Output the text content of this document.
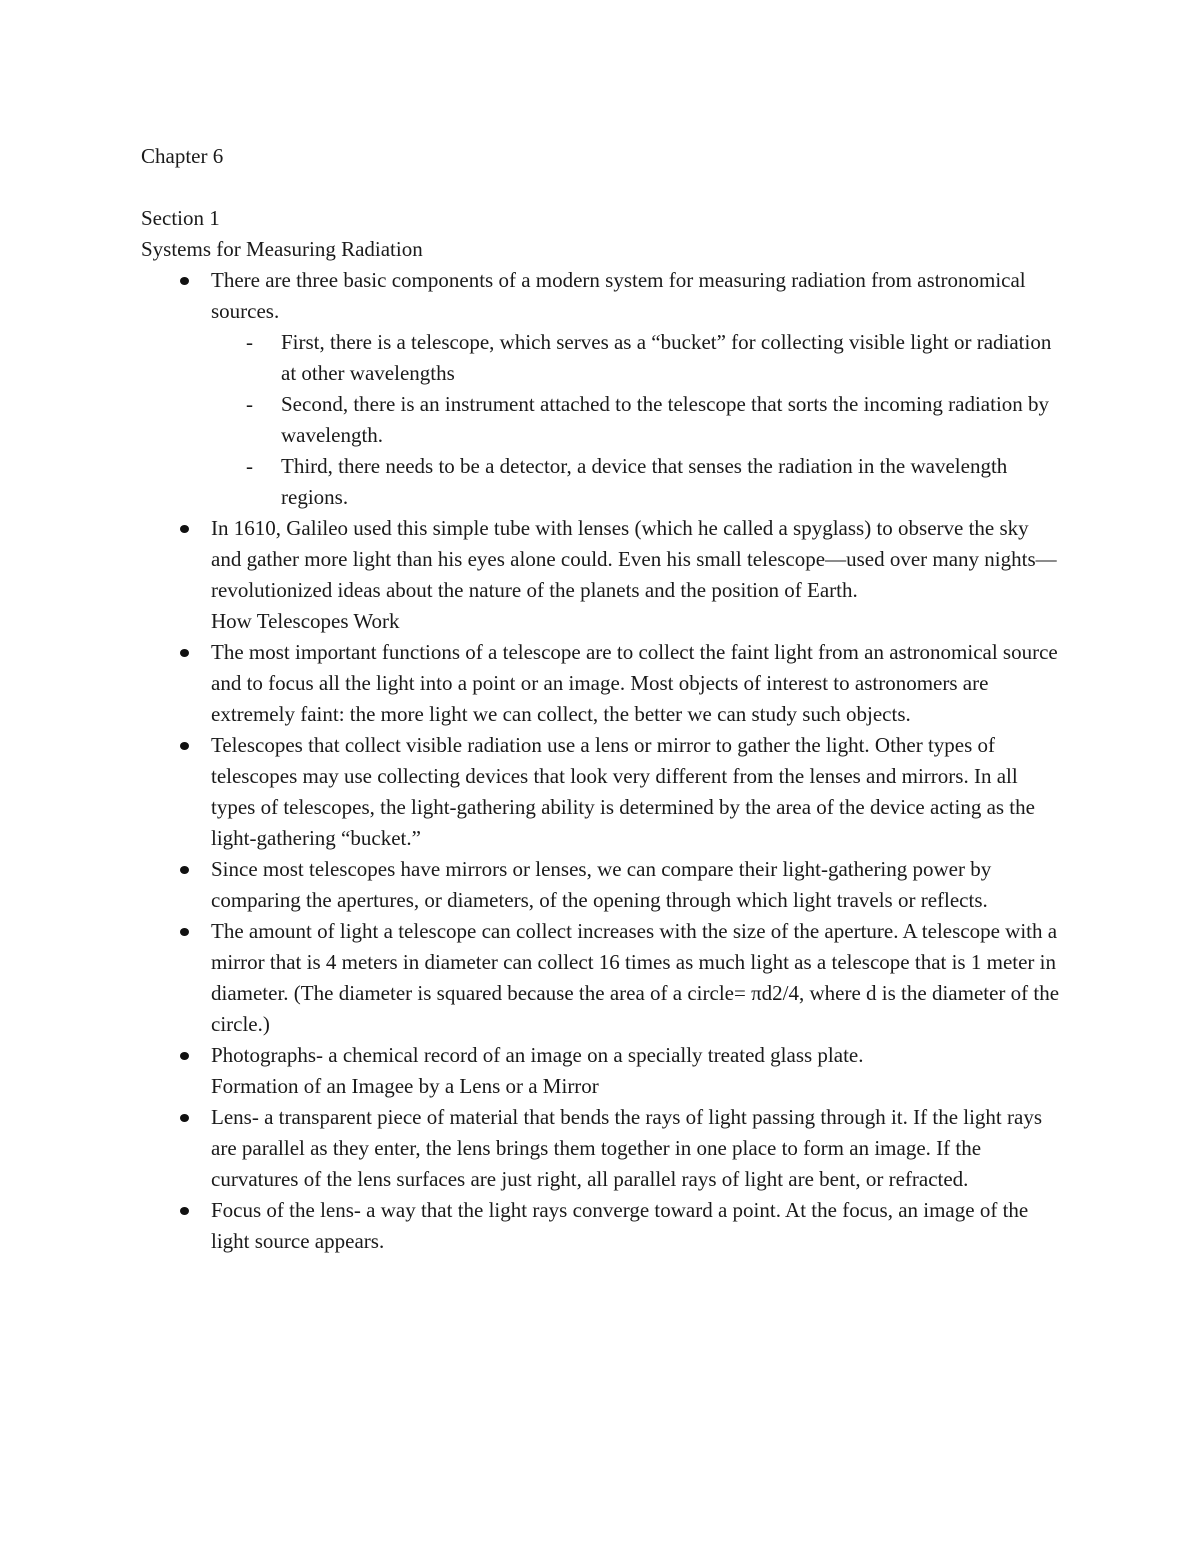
Chapter 6

Section 1

Systems for Measuring Radiation

There are three basic components of a modern system for measuring radiation from astronomical sources.

- First, there is a telescope, which serves as a “bucket” for collecting visible light or radiation at other wavelengths
- Second, there is an instrument attached to the telescope that sorts the incoming radiation by wavelength.
- Third, there needs to be a detector, a device that senses the radiation in the wavelength regions.

In 1610, Galileo used this simple tube with lenses (which he called a spyglass) to observe the sky and gather more light than his eyes alone could. Even his small telescope—used over many nights—revolutionized ideas about the nature of the planets and the position of Earth.

How Telescopes Work

The most important functions of a telescope are to collect the faint light from an astronomical source and to focus all the light into a point or an image. Most objects of interest to astronomers are extremely faint: the more light we can collect, the better we can study such objects.
Telescopes that collect visible radiation use a lens or mirror to gather the light. Other types of telescopes may use collecting devices that look very different from the lenses and mirrors. In all types of telescopes, the light-gathering ability is determined by the area of the device acting as the light-gathering “bucket.”
Since most telescopes have mirrors or lenses, we can compare their light-gathering power by comparing the apertures, or diameters, of the opening through which light travels or reflects.
The amount of light a telescope can collect increases with the size of the aperture. A telescope with a mirror that is 4 meters in diameter can collect 16 times as much light as a telescope that is 1 meter in diameter. (The diameter is squared because the area of a circle= πd2/4, where d is the diameter of the circle.)
Photographs- a chemical record of an image on a specially treated glass plate.

Formation of an Imagee by a Lens or a Mirror

Lens- a transparent piece of material that bends the rays of light passing through it. If the light rays are parallel as they enter, the lens brings them together in one place to form an image. If the curvatures of the lens surfaces are just right, all parallel rays of light are bent, or refracted.
Focus of the lens- a way that the light rays converge toward a point. At the focus, an image of the light source appears.
